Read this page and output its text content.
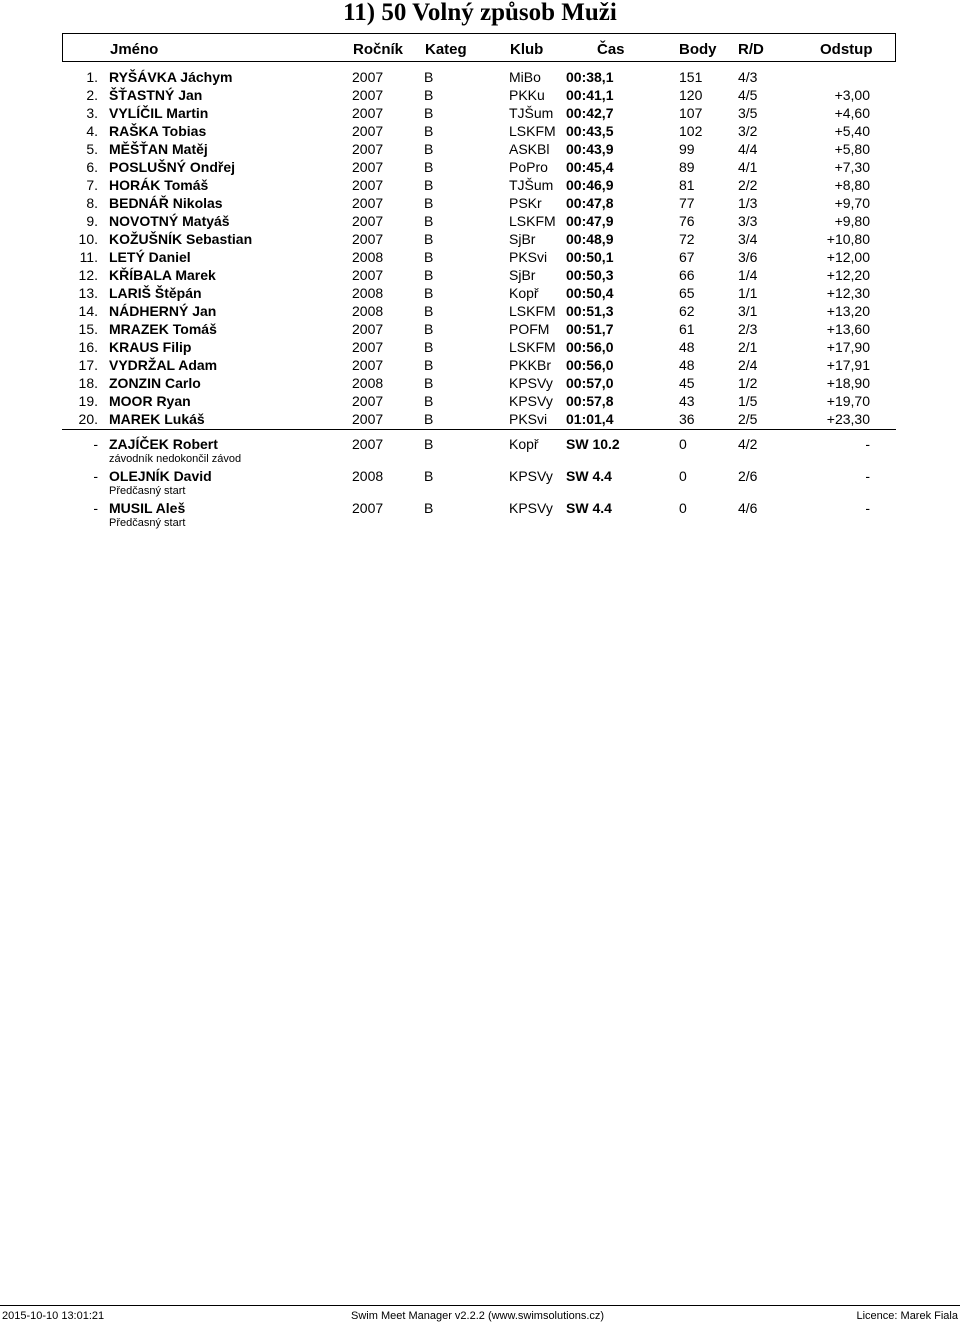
11) 50 Volný způsob Muži
Jméno	Ročník Kateg	Klub	Čas	Body R/D	Odstup
1. RYŠÁVKA Jáchym	2007	B	MiBo	00:38,1	151	4/3
2. ŠŤASTNÝ Jan	2007	B	PKKu	00:41,1	120	4/5	+3,00
3. VYLÍČIL Martin	2007	B	TJŠum 00:42,7	107	3/5	+4,60
4. RAŠKA Tobias	2007	B	LSKFM 00:43,5	102	3/2	+5,40
5. MĚŠŤAN Matěj	2007	B	ASKBl	00:43,9	99	4/4	+5,80
6. POSLUŠNÝ Ondřej	2007	B	PoPro	00:45,4	89	4/1	+7,30
7. HORÁK Tomáš	2007	B	TJŠum 00:46,9	81	2/2	+8,80
8. BEDNÁŘ Nikolas	2007	B	PSKr	00:47,8	77	1/3	+9,70
9. NOVOTNÝ Matyáš	2007	B	LSKFM 00:47,9	76	3/3	+9,80
10. KOŽUŠNÍK Sebastian	2007	B	SjBr	00:48,9	72	3/4	+10,80
11. LETÝ Daniel	2008	B	PKSvi	00:50,1	67	3/6	+12,00
12. KŘÍBALA Marek	2007	B	SjBr	00:50,3	66	1/4	+12,20
13. LARIŠ Štěpán	2008	B	Kopř	00:50,4	65	1/1	+12,30
14. NÁDHERNÝ Jan	2008	B	LSKFM 00:51,3	62	3/1	+13,20
15. MRAZEK Tomáš	2007	B	POFM	00:51,7	61	2/3	+13,60
16. KRAUS Filip	2007	B	LSKFM 00:56,0	48	2/1	+17,90
17. VYDRŽAL Adam	2007	B	PKKBr	00:56,0	48	2/4	+17,91
18. ZONZIN Carlo	2008	B	KPSVy 00:57,0	45	1/2	+18,90
19. MOOR Ryan	2007	B	KPSVy 00:57,8	43	1/5	+19,70
20. MAREK Lukáš	2007	B	PKSvi	01:01,4	36	2/5	+23,30
- ZAJÍČEK Robert	2007	B	Kopř	SW 10.2	0	4/2	-
závodník nedokončil závod
- OLEJNÍK David	2008	B	KPSVy SW 4.4	0	2/6	-
Předčasný start
- MUSIL Aleš	2007	B	KPSVy SW 4.4	0	4/6	-
Předčasný start
2015-10-10 13:01:21	Swim Meet Manager v2.2.2 (www.swimsolutions.cz)	Licence: Marek Fiala
